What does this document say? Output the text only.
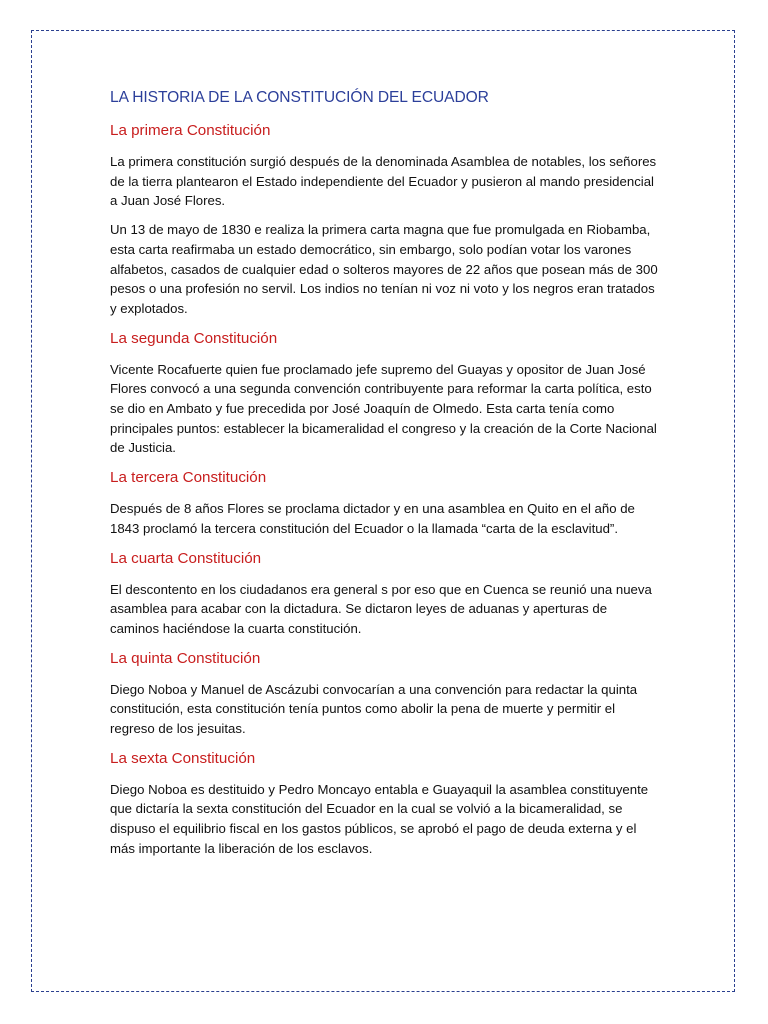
LA HISTORIA DE LA CONSTITUCIÓN DEL ECUADOR
La primera Constitución

La primera constitución surgió después de la denominada Asamblea de notables, los señores de la tierra plantearon el Estado independiente del Ecuador y pusieron al mando presidencial a Juan José Flores.

Un 13 de mayo de 1830 e realiza la primera carta magna que fue promulgada en Riobamba, esta carta reafirmaba un estado democrático, sin embargo, solo podían votar los varones alfabetos, casados de cualquier edad o solteros mayores de 22 años que posean más de 300 pesos o una profesión no servil. Los indios no tenían ni voz ni voto y los negros eran tratados y explotados.

La segunda Constitución

Vicente Rocafuerte quien fue proclamado jefe supremo del Guayas y opositor de Juan José Flores convocó a una segunda convención contribuyente para reformar la carta política, esto se dio en Ambato y fue precedida por José Joaquín de Olmedo. Esta carta tenía como principales puntos: establecer la bicameralidad el congreso y la creación de la Corte Nacional de Justicia.

La tercera Constitución

Después de 8 años Flores se proclama dictador y en una asamblea en Quito en el año de 1843 proclamó la tercera constitución del Ecuador o la llamada “carta de la esclavitud”.

La cuarta Constitución

El descontento en los ciudadanos era general s por eso que en Cuenca se reunió una nueva asamblea para acabar con la dictadura. Se dictaron leyes de aduanas y aperturas de caminos haciéndose la cuarta constitución.

La quinta Constitución

Diego Noboa y Manuel de Ascázubi convocarían a una convención para redactar la quinta constitución, esta constitución tenía puntos como abolir la pena de muerte y permitir el regreso de los jesuitas.

La sexta Constitución

Diego Noboa es destituido y Pedro Moncayo entabla e Guayaquil la asamblea constituyente que dictaría la sexta constitución del Ecuador en la cual se volvió a la bicameralidad, se dispuso el equilibrio fiscal en los gastos públicos, se aprobó el pago de deuda externa y el más importante la liberación de los esclavos.
